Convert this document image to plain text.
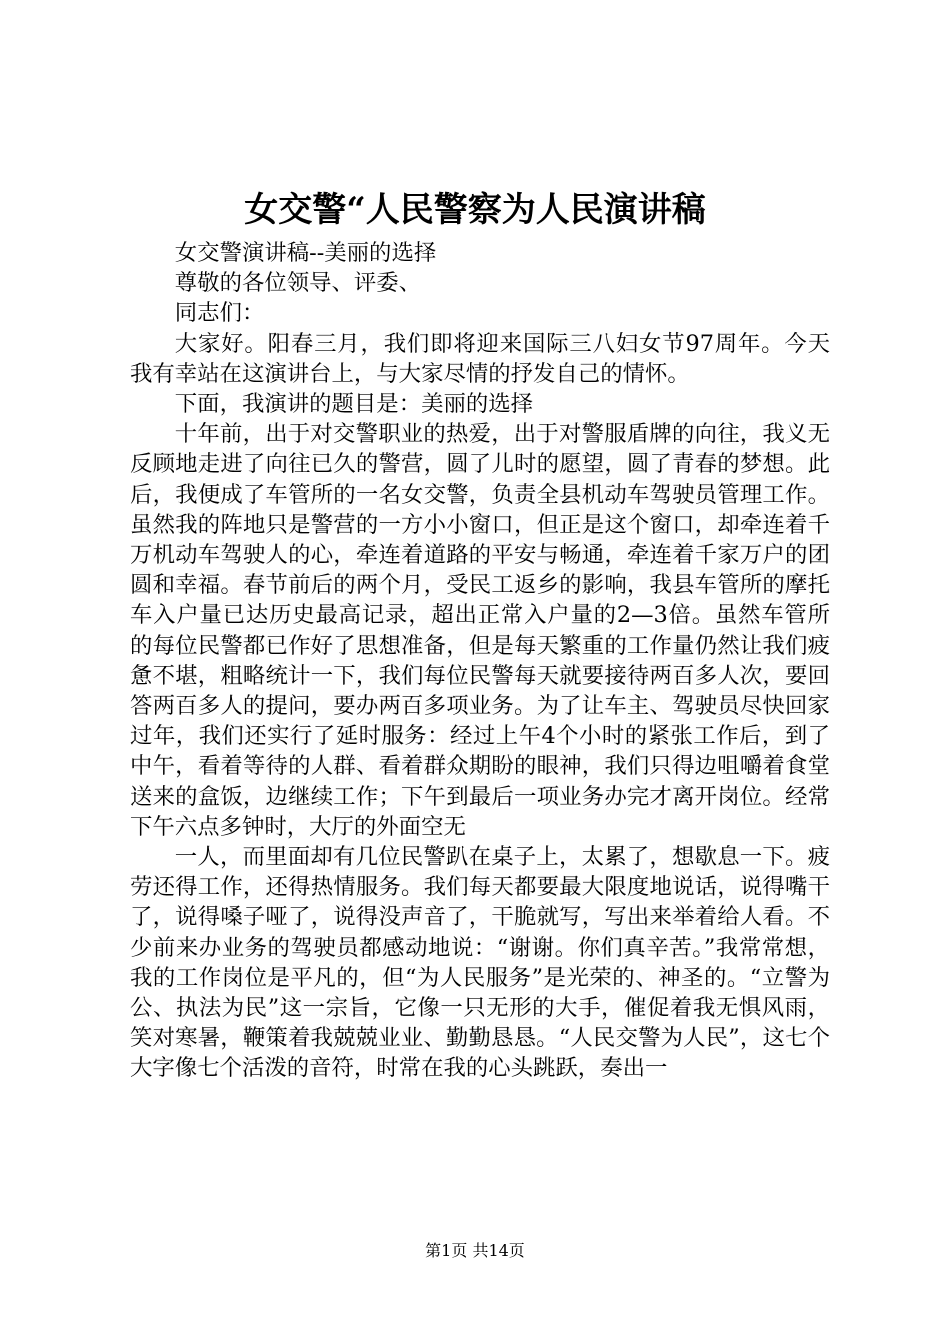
女交警“人民警察为人民演讲稿

女交警演讲稿--美丽的选择

尊敬的各位领导、评委、

同志们：

大家好。阳春三月，我们即将迎来国际三八妇女节97周年。今天我有幸站在这演讲台上，与大家尽情的抒发自己的情怀。

下面，我演讲的题目是：美丽的选择

十年前，出于对交警职业的热爱，出于对警服盾牌的向往，我义无反顾地走进了向往已久的警营，圆了儿时的愿望，圆了青春的梦想。此后，我便成了车管所的一名女交警，负责全县机动车驾驶员管理工作。虽然我的阵地只是警营的一方小小窗口，但正是这个窗口，却牵连着千万机动车驾驶人的心，牵连着道路的平安与畅通，牵连着千家万户的团圆和幸福。春节前后的两个月，受民工返乡的影响，我县车管所的摩托车入户量已达历史最高记录，超出正常入户量的2—3倍。虽然车管所的每位民警都已作好了思想准备，但是每天繁重的工作量仍然让我们疲惫不堪，粗略统计一下，我们每位民警每天就要接待两百多人次，要回答两百多人的提问，要办两百多项业务。为了让车主、驾驶员尽快回家过年，我们还实行了延时服务：经过上午4个小时的紧张工作后，到了中午，看着等待的人群、看着群众期盼的眼神，我们只得边咀嚼着食堂送来的盒饭，边继续工作；下午到最后一项业务办完才离开岗位。经常下午六点多钟时，大厅的外面空无

一人，而里面却有几位民警趴在桌子上，太累了，想歇息一下。疲劳还得工作，还得热情服务。我们每天都要最大限度地说话，说得嘴干了，说得嗓子哑了，说得没声音了，干脆就写，写出来举着给人看。不少前来办业务的驾驶员都感动地说：“谢谢。你们真辛苦。”我常常想，我的工作岗位是平凡的，但“为人民服务”是光荣的、神圣的。“立警为公、执法为民”这一宗旨，它像一只无形的大手，催促着我无惧风雨，笑对寒暑，鞭策着我兢兢业业、勤勤恳恳。“人民交警为人民”，这七个大字像七个活泼的音符，时常在我的心头跳跃，奏出一

第1页 共14页
